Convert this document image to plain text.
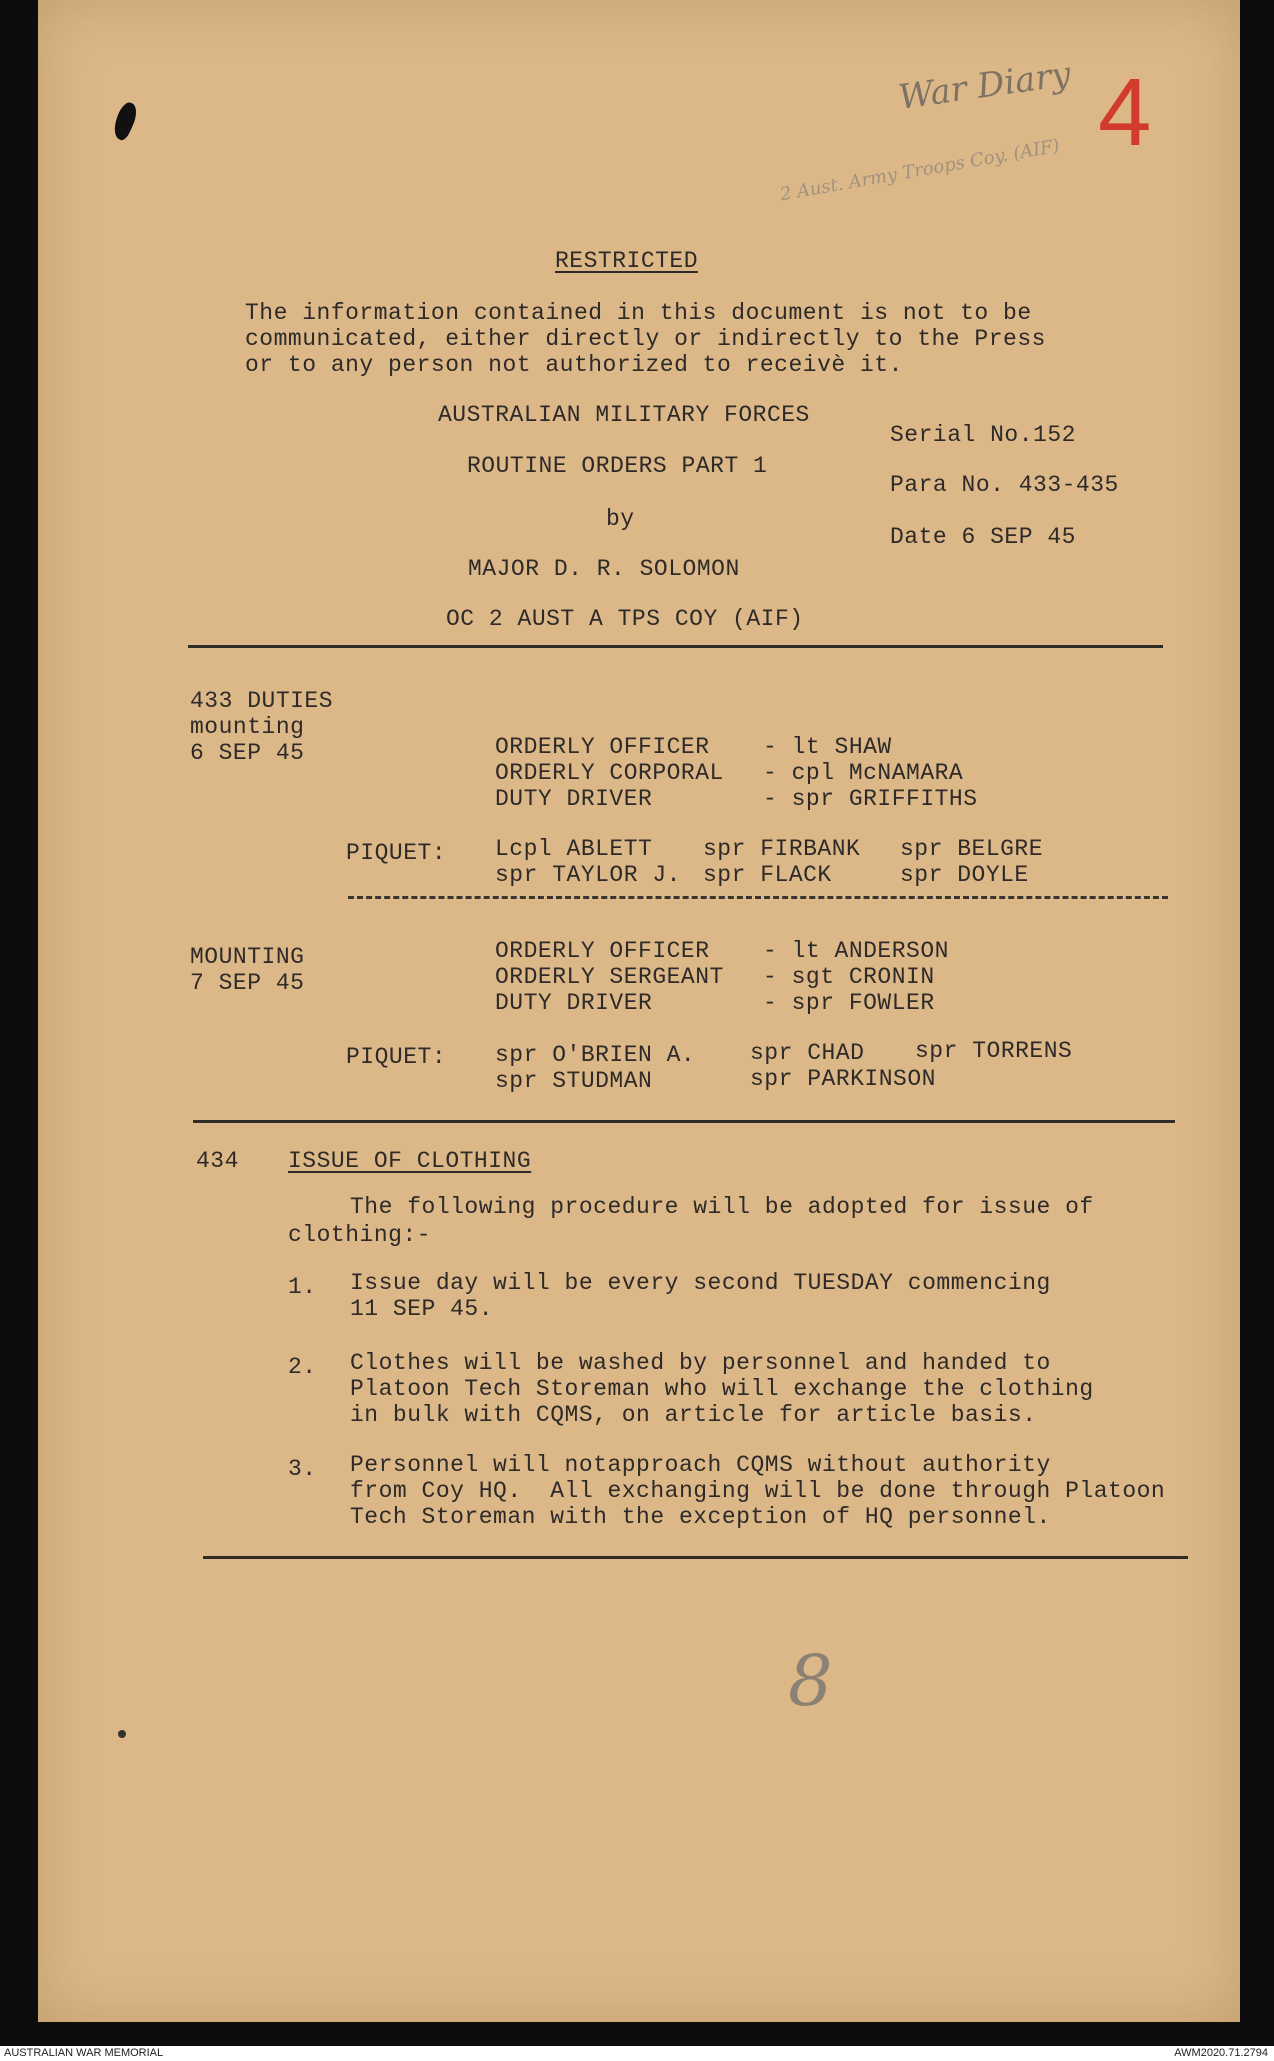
War Diary
2 Aust. Army Troops Coy. (AIF)
4
8
RESTRICTED
The information contained in this document is not to be
communicated, either directly or indirectly to the Press
or to any person not authorized to receivè it.
AUSTRALIAN MILITARY FORCES
ROUTINE ORDERS PART 1
by
MAJOR D. R. SOLOMON
OC 2 AUST A TPS COY (AIF)
Serial No.152
Para No. 433-435
Date 6 SEP 45
433 DUTIES
mounting
6 SEP 45	ORDERLY OFFICER - lt SHAW
ORDERLY CORPORAL - cpl McNAMARA
DUTY DRIVER	- spr GRIFFITHS
PIQUET: Lcpl ABLETT spr FIRBANK spr BELGRE
spr TAYLOR J. spr FLACK	spr DOYLE
MOUNTING
7 SEP 45
ORDERLY OFFICER - lt ANDERSON
ORDERLY SERGEANT - sgt CRONIN
DUTY DRIVER	- spr FOWLER
PIQUET: spr O'BRIEN A. spr CHAD spr TORRENS
spr STUDMAN	spr PARKINSON
434 ISSUE OF CLOTHING
The following procedure will be adopted for issue of
clothing:-
1. Issue day will be every second TUESDAY commencing
11 SEP 45.
2. Clothes will be washed by personnel and handed to
Platoon Tech Storeman who will exchange the clothing
in bulk with CQMS, on article for article basis.
3. Personnel will notapproach CQMS without authority
from Coy HQ.  All exchanging will be done through Platoon
Tech Storeman with the exception of HQ personnel.
AUSTRALIAN WAR MEMORIAL	AWM2020.71.2794
